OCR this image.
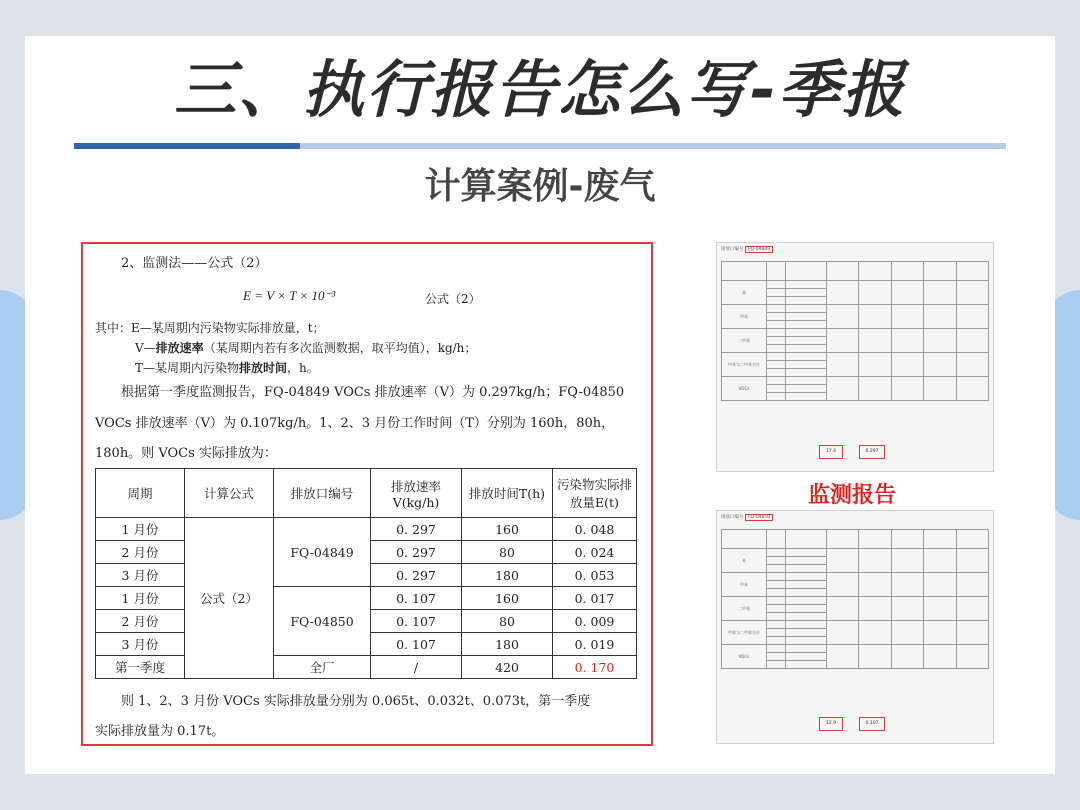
三、执行报告怎么写-季报
计算案例-废气
2、监测法——公式（2）
E = V × T × 10⁻³	公式（2）
其中：E—某周期内污染物实际排放量，t；
V—排放速率（某周期内若有多次监测数据，取平均值），kg/h；
T—某周期内污染物排放时间，h。
根据第一季度监测报告，FQ-04849 VOCs 排放速率（V）为 0.297kg/h；FQ-04850
VOCs 排放速率（V）为 0.107kg/h。1、2、3 月份工作时间（T）分别为 160h，80h，
180h。则 VOCs 实际排放为：
周期	计算公式	排放口编号	排放速率V(kg/h)	排放时间T(h)	污染物实际排放量E(t)
1 月份	公式（2）	FQ-04849	0. 297	160	0. 048
2 月份			0. 297	80	0. 024
3 月份			0. 297	180	0. 053
1 月份		FQ-04850	0. 107	160	0. 017
2 月份			0. 107	80	0. 009
3 月份			0. 107	180	0. 019
第一季度		全厂	/	420	0. 170
则 1、2、3 月份 VOCs 实际排放量分别为 0.065t、0.032t、0.073t，第一季度
实际排放量为 0.17t。
排放口编号 FQ-04849

苯							

甲苯							

二甲苯							

甲苯与二甲苯合计							

VOCs							

17.4	0.297
监测报告
排放口编号 FQ-04850

苯							

甲苯							

二甲苯							

甲苯与二甲苯合计							

VOCs							

12.9	0.107
